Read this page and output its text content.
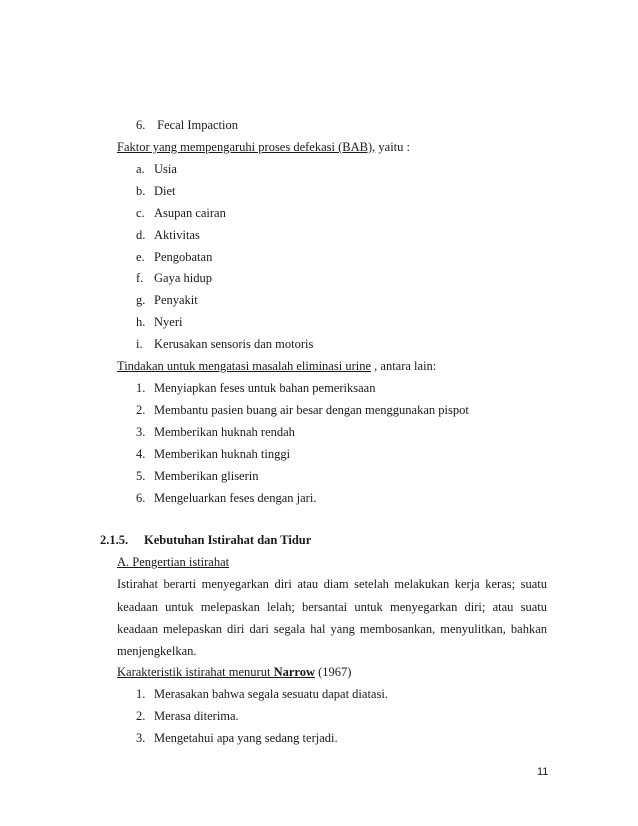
6. Fecal Impaction
Faktor yang mempengaruhi proses defekasi (BAB), yaitu :
a. Usia
b. Diet
c. Asupan cairan
d. Aktivitas
e. Pengobatan
f. Gaya hidup
g. Penyakit
h. Nyeri
i. Kerusakan sensoris dan motoris
Tindakan untuk mengatasi masalah eliminasi urine , antara lain:
1. Menyiapkan feses untuk bahan pemeriksaan
2. Membantu pasien buang air besar dengan menggunakan pispot
3. Memberikan huknah rendah
4. Memberikan huknah tinggi
5. Memberikan gliserin
6. Mengeluarkan feses dengan jari.
2.1.5. Kebutuhan Istirahat dan Tidur
A. Pengertian istirahat
Istirahat berarti menyegarkan diri atau diam setelah melakukan kerja keras; suatu
keadaan untuk melepaskan lelah; bersantai untuk menyegarkan diri; atau suatu
keadaan melepaskan diri dari segala hal yang membosankan, menyulitkan, bahkan
menjengkelkan.
Karakteristik istirahat menurut Narrow (1967)
1. Merasakan bahwa segala sesuatu dapat diatasi.
2. Merasa diterima.
3. Mengetahui apa yang sedang terjadi.
11
